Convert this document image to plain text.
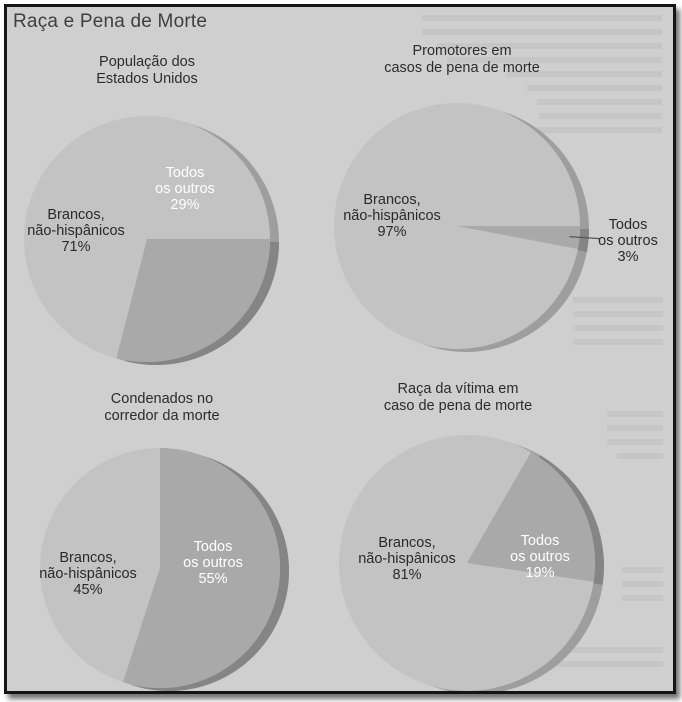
Raça e Pena de Morte
População dos
Estados Unidos
Brancos,
não-hispânicos
71%
Todos
os outros
29%
Promotores em
casos de pena de morte
Brancos,
não-hispânicos
97%	Todos
os outros
3%
Condenados no
corredor da morte
Brancos,
não-hispânicos
45%
Todos
os outros
55%
Raça da vítima em
caso de pena de morte
Brancos,
não-hispânicos
81%
Todos
os outros
19%
